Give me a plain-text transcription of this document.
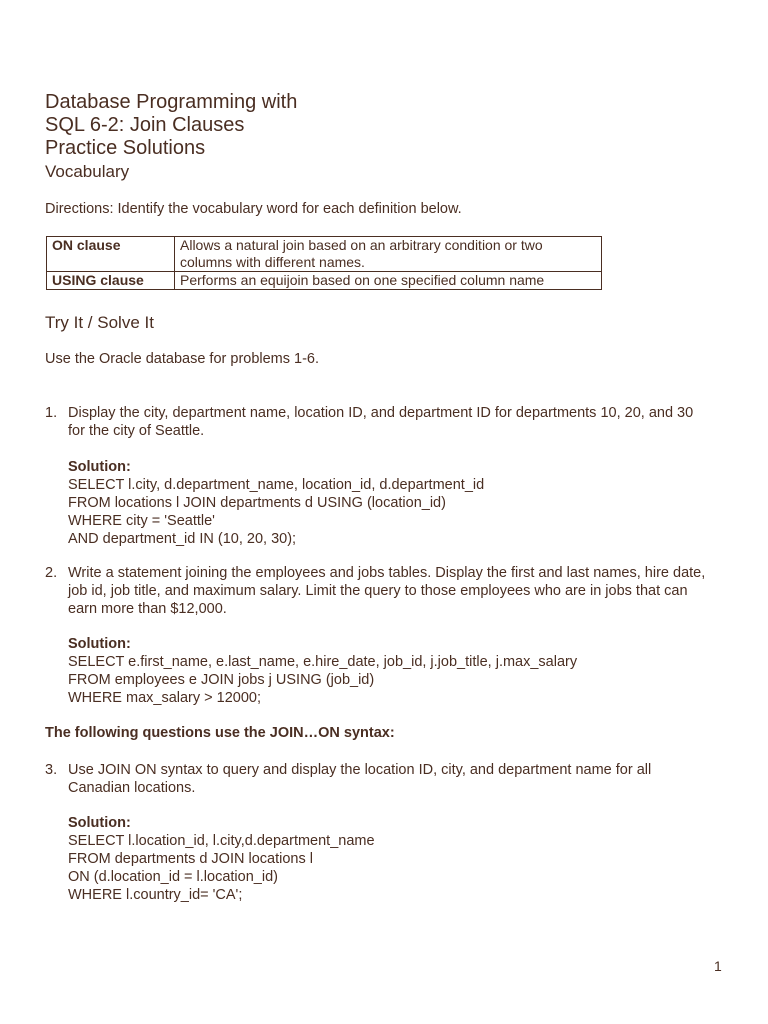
Database Programming with
SQL 6-2: Join Clauses
Practice Solutions
Vocabulary
Directions: Identify the vocabulary word for each definition below.
ON clause	Allows a natural join based on an arbitrary condition or two columns with different names.
USING clause	Performs an equijoin based on one specified column name
Try It / Solve It
Use the Oracle database for problems 1-6.
1. Display the city, department name, location ID, and department ID for departments 10, 20, and 30 for the city of Seattle.
Solution:
SELECT l.city, d.department_name, location_id, d.department_id
FROM locations l JOIN departments d USING (location_id)
WHERE city = 'Seattle'
AND department_id IN (10, 20, 30);
2. Write a statement joining the employees and jobs tables. Display the first and last names, hire date, job id, job title, and maximum salary. Limit the query to those employees who are in jobs that can earn more than $12,000.
Solution:
SELECT e.first_name, e.last_name, e.hire_date, job_id, j.job_title, j.max_salary
FROM employees e JOIN jobs j USING (job_id)
WHERE max_salary > 12000;
The following questions use the JOIN…ON syntax:
3. Use JOIN ON syntax to query and display the location ID, city, and department name for all Canadian locations.
Solution:
SELECT l.location_id, l.city,d.department_name
FROM departments d JOIN locations l
ON (d.location_id = l.location_id)
WHERE l.country_id= 'CA';
1
